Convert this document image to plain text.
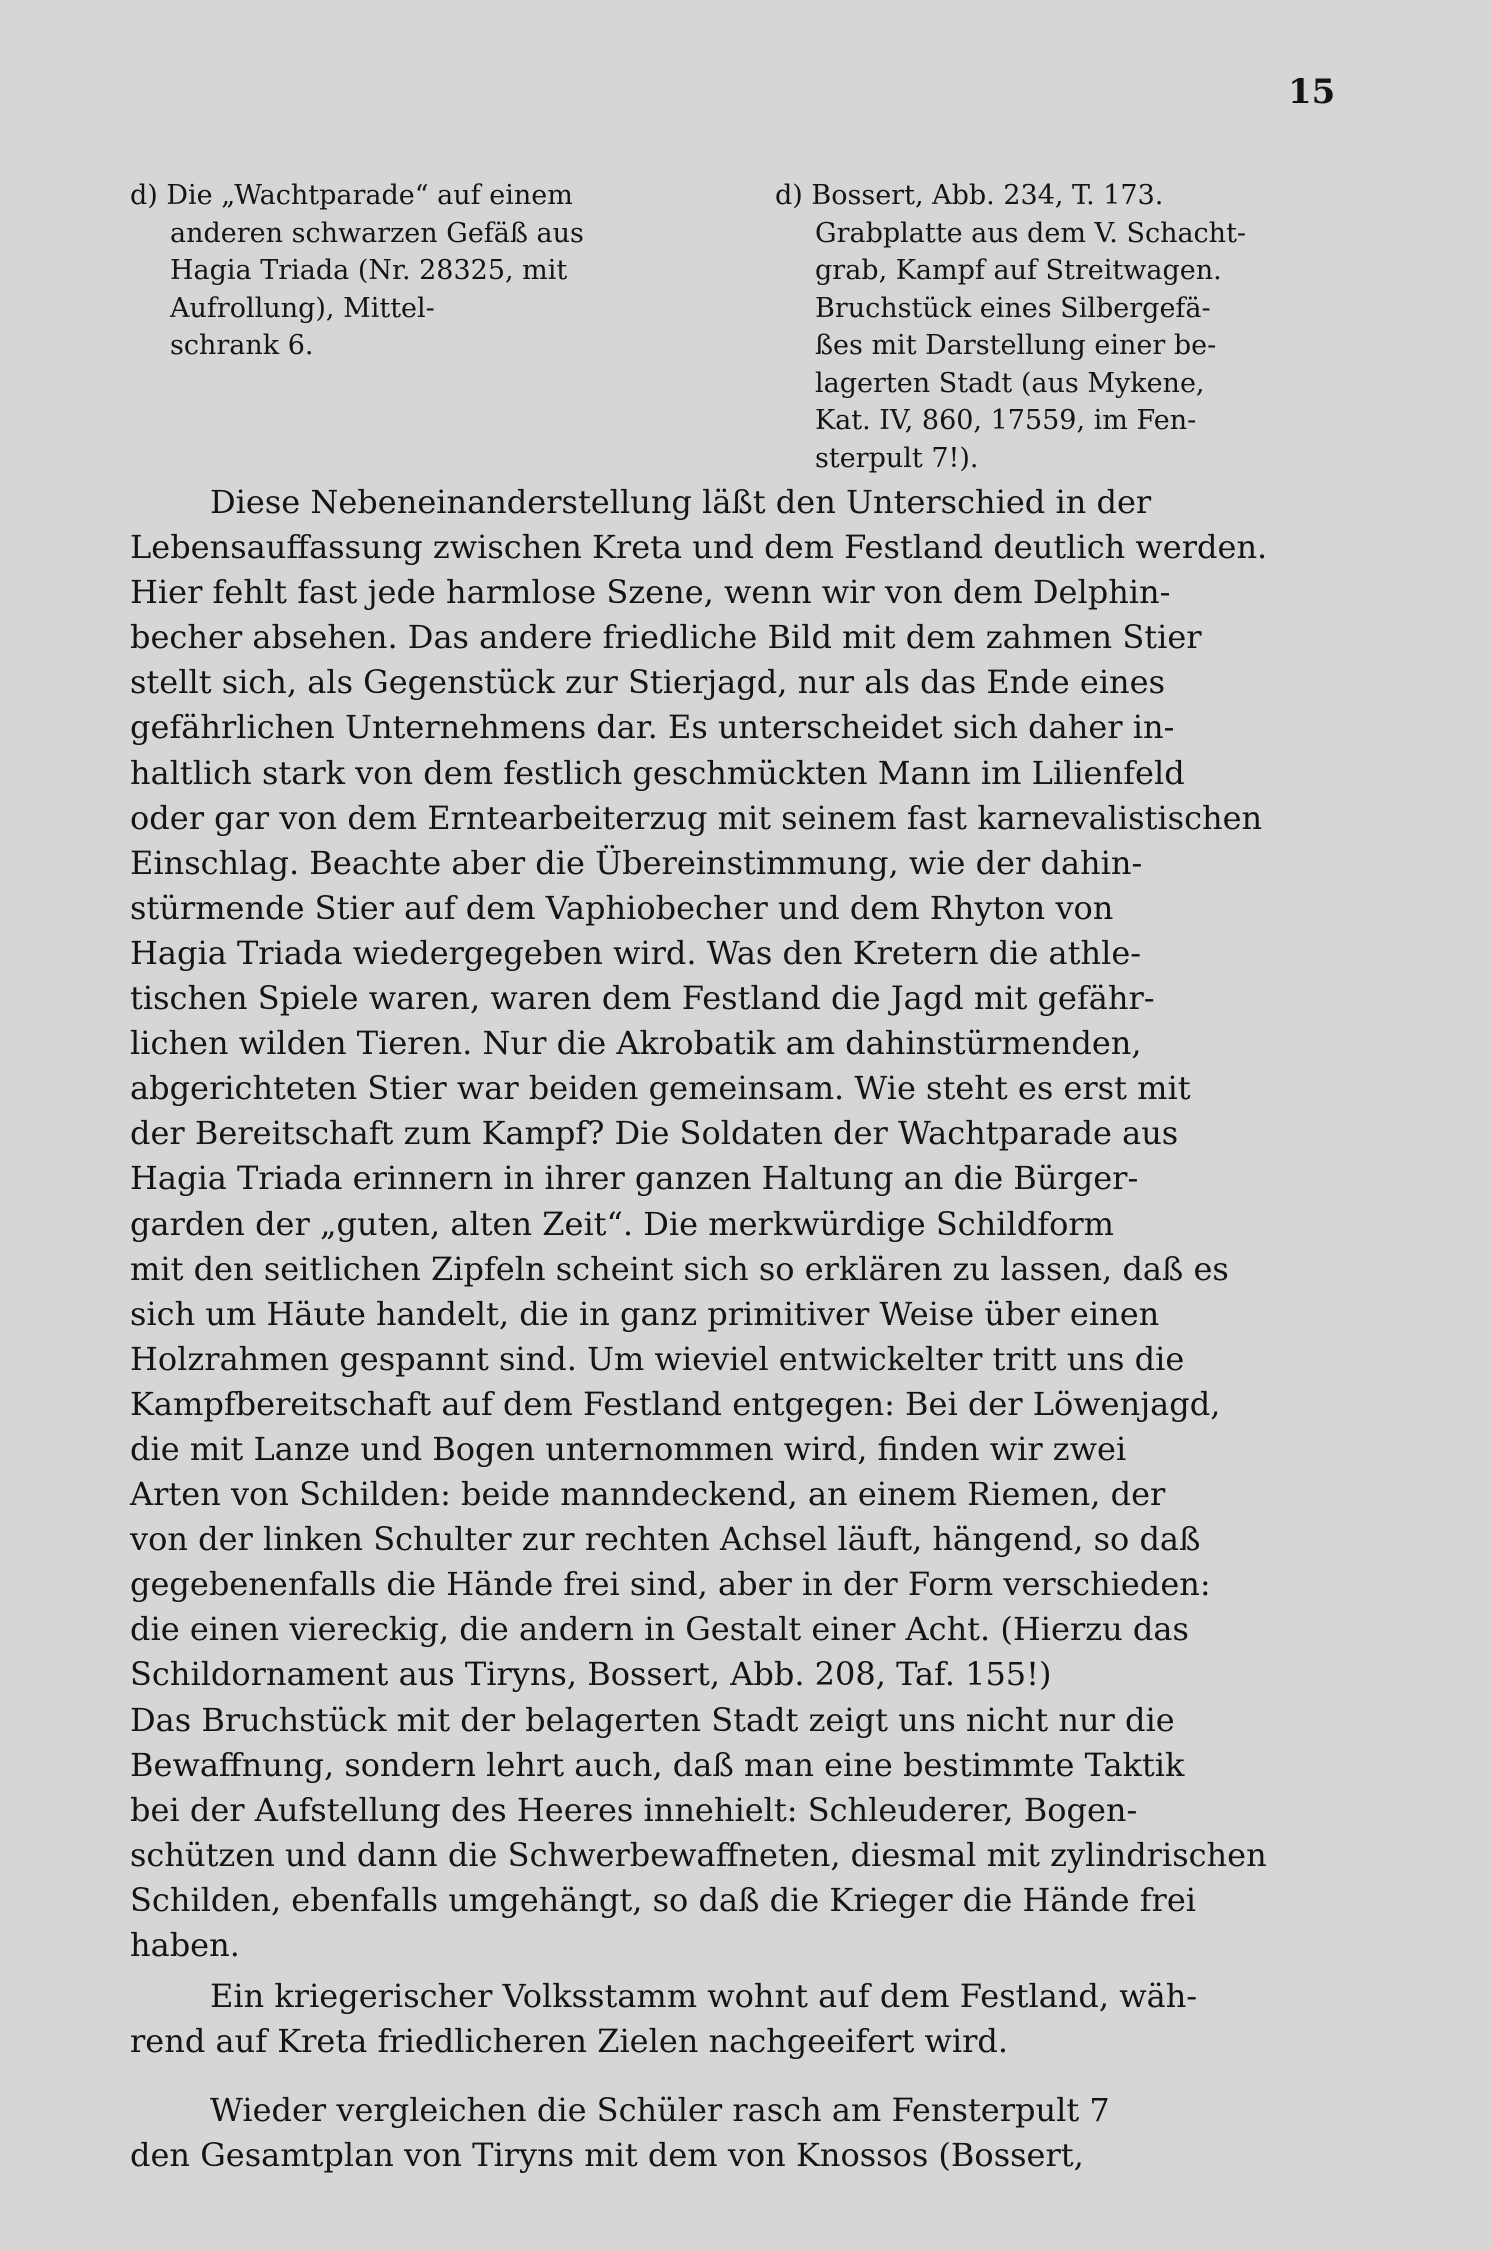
15
d) Die „Wachtparade“ auf einem
anderen schwarzen Gefäß aus
Hagia Triada (Nr. 28325, mit
Aufrollung), Mittel-
schrank 6.
d) Bossert, Abb. 234, T. 173.
Grabplatte aus dem V. Schacht-
grab, Kampf auf Streitwagen.
Bruchstück eines Silbergefä-
ßes mit Darstellung einer be-
lagerten Stadt (aus Mykene,
Kat. IV, 860, 17559, im Fen-
sterpult 7!).
Diese Nebeneinanderstellung läßt den Unterschied in der
Lebensauffassung zwischen Kreta und dem Festland deutlich werden.
Hier fehlt fast jede harmlose Szene, wenn wir von dem Delphin-
becher absehen. Das andere friedliche Bild mit dem zahmen Stier
stellt sich, als Gegenstück zur Stierjagd, nur als das Ende eines
gefährlichen Unternehmens dar. Es unterscheidet sich daher in-
haltlich stark von dem festlich geschmückten Mann im Lilienfeld
oder gar von dem Erntearbeiterzug mit seinem fast karnevalistischen
Einschlag. Beachte aber die Übereinstimmung, wie der dahin-
stürmende Stier auf dem Vaphiobecher und dem Rhyton von
Hagia Triada wiedergegeben wird. Was den Kretern die athle-
tischen Spiele waren, waren dem Festland die Jagd mit gefähr-
lichen wilden Tieren. Nur die Akrobatik am dahinstürmenden,
abgerichteten Stier war beiden gemeinsam. Wie steht es erst mit
der Bereitschaft zum Kampf? Die Soldaten der Wachtparade aus
Hagia Triada erinnern in ihrer ganzen Haltung an die Bürger-
garden der „guten, alten Zeit“. Die merkwürdige Schildform
mit den seitlichen Zipfeln scheint sich so erklären zu lassen, daß es
sich um Häute handelt, die in ganz primitiver Weise über einen
Holzrahmen gespannt sind. Um wieviel entwickelter tritt uns die
Kampfbereitschaft auf dem Festland entgegen: Bei der Löwenjagd,
die mit Lanze und Bogen unternommen wird, finden wir zwei
Arten von Schilden: beide manndeckend, an einem Riemen, der
von der linken Schulter zur rechten Achsel läuft, hängend, so daß
gegebenenfalls die Hände frei sind, aber in der Form verschieden:
die einen viereckig, die andern in Gestalt einer Acht. (Hierzu das
Schildornament aus Tiryns, Bossert, Abb. 208, Taf. 155!)
Das Bruchstück mit der belagerten Stadt zeigt uns nicht nur die
Bewaffnung, sondern lehrt auch, daß man eine bestimmte Taktik
bei der Aufstellung des Heeres innehielt: Schleuderer, Bogen-
schützen und dann die Schwerbewaffneten, diesmal mit zylindrischen
Schilden, ebenfalls umgehängt, so daß die Krieger die Hände frei
haben.
Ein kriegerischer Volksstamm wohnt auf dem Festland, wäh-
rend auf Kreta friedlicheren Zielen nachgeeifert wird.
Wieder vergleichen die Schüler rasch am Fensterpult 7
den Gesamtplan von Tiryns mit dem von Knossos (Bossert,
